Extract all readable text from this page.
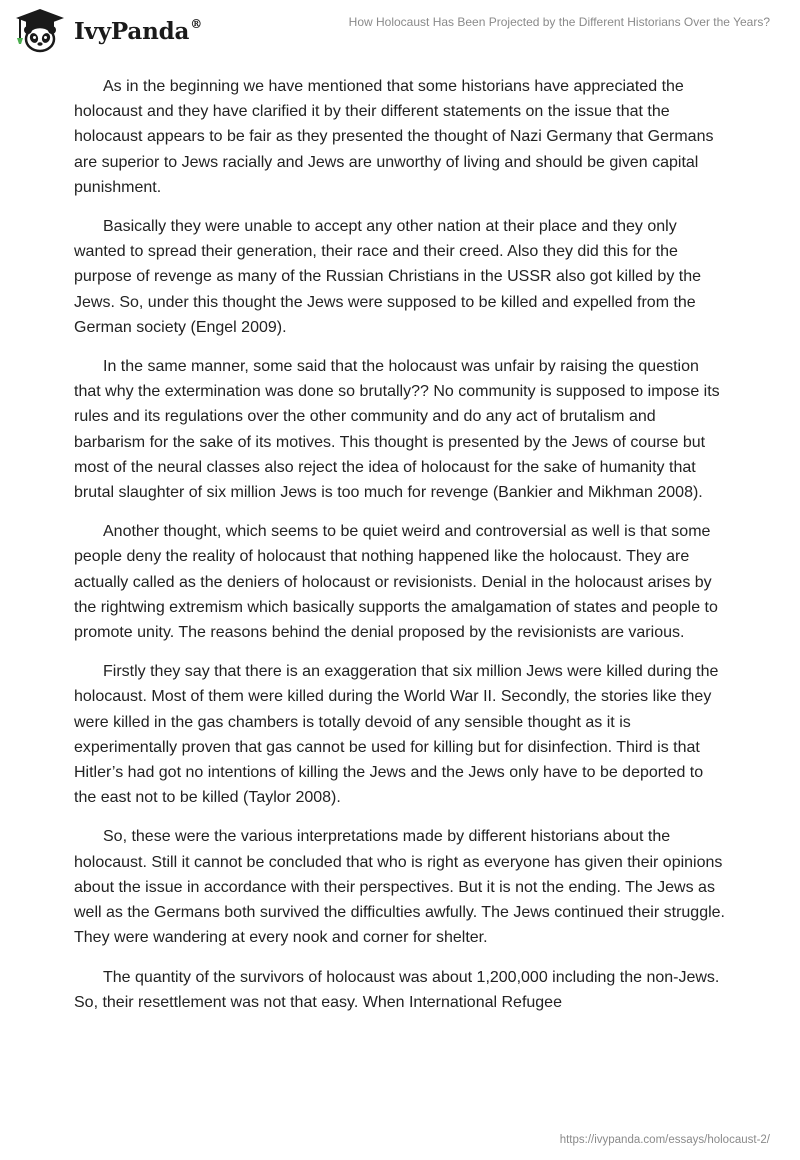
IvyPanda®	How Holocaust Has Been Projected by the Different Historians Over the Years?

As in the beginning we have mentioned that some historians have appreciated the holocaust and they have clarified it by their different statements on the issue that the holocaust appears to be fair as they presented the thought of Nazi Germany that Germans are superior to Jews racially and Jews are unworthy of living and should be given capital punishment.

Basically they were unable to accept any other nation at their place and they only wanted to spread their generation, their race and their creed. Also they did this for the purpose of revenge as many of the Russian Christians in the USSR also got killed by the Jews. So, under this thought the Jews were supposed to be killed and expelled from the German society (Engel 2009).

In the same manner, some said that the holocaust was unfair by raising the question that why the extermination was done so brutally?? No community is supposed to impose its rules and its regulations over the other community and do any act of brutalism and barbarism for the sake of its motives. This thought is presented by the Jews of course but most of the neural classes also reject the idea of holocaust for the sake of humanity that brutal slaughter of six million Jews is too much for revenge (Bankier and Mikhman 2008).

Another thought, which seems to be quiet weird and controversial as well is that some people deny the reality of holocaust that nothing happened like the holocaust. They are actually called as the deniers of holocaust or revisionists. Denial in the holocaust arises by the rightwing extremism which basically supports the amalgamation of states and people to promote unity. The reasons behind the denial proposed by the revisionists are various.

Firstly they say that there is an exaggeration that six million Jews were killed during the holocaust. Most of them were killed during the World War II. Secondly, the stories like they were killed in the gas chambers is totally devoid of any sensible thought as it is experimentally proven that gas cannot be used for killing but for disinfection. Third is that Hitler’s had got no intentions of killing the Jews and the Jews only have to be deported to the east not to be killed (Taylor 2008).

So, these were the various interpretations made by different historians about the holocaust. Still it cannot be concluded that who is right as everyone has given their opinions about the issue in accordance with their perspectives. But it is not the ending. The Jews as well as the Germans both survived the difficulties awfully. The Jews continued their struggle. They were wandering at every nook and corner for shelter.

The quantity of the survivors of holocaust was about 1,200,000 including the non-Jews. So, their resettlement was not that easy. When International Refugee

https://ivypanda.com/essays/holocaust-2/
